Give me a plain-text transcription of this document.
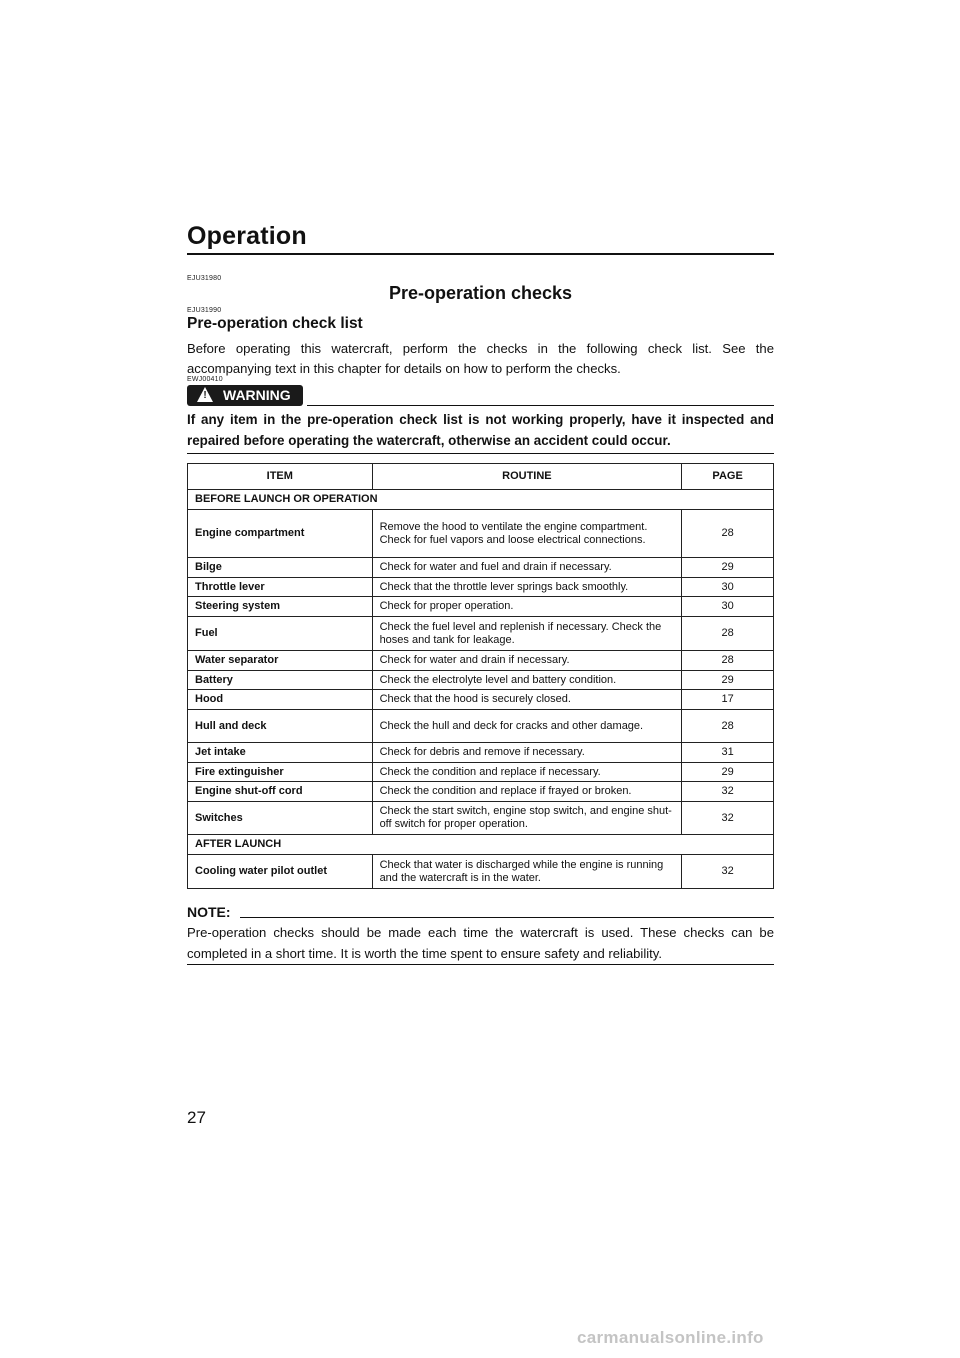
Operation
EJU31980
Pre-operation checks
EJU31990
Pre-operation check list
Before operating this watercraft, perform the checks in the following check list. See the accompanying text in this chapter for details on how to perform the checks.
EWJ00410
! WARNING
If any item in the pre-operation check list is not working properly, have it inspected and repaired before operating the watercraft, otherwise an accident could occur.
ITEM	ROUTINE	PAGE
BEFORE LAUNCH OR OPERATION		
Engine compartment	Remove the hood to ventilate the engine compartment. Check for fuel vapors and loose electrical connections.	28
Bilge	Check for water and fuel and drain if necessary.	29
Throttle lever	Check that the throttle lever springs back smoothly.	30
Steering system	Check for proper operation.	30
Fuel	Check the fuel level and replenish if necessary. Check the hoses and tank for leakage.	28
Water separator	Check for water and drain if necessary.	28
Battery	Check the electrolyte level and battery condition.	29
Hood	Check that the hood is securely closed.	17
Hull and deck	Check the hull and deck for cracks and other damage.	28
Jet intake	Check for debris and remove if necessary.	31
Fire extinguisher	Check the condition and replace if necessary.	29
Engine shut-off cord	Check the condition and replace if frayed or broken.	32
Switches	Check the start switch, engine stop switch, and engine shut-off switch for proper operation.	32
AFTER LAUNCH		
Cooling water pilot outlet	Check that water is discharged while the engine is running and the watercraft is in the water.	32
NOTE:
Pre-operation checks should be made each time the watercraft is used. These checks can be completed in a short time. It is worth the time spent to ensure safety and reliability.
27
carmanualsonline.info
